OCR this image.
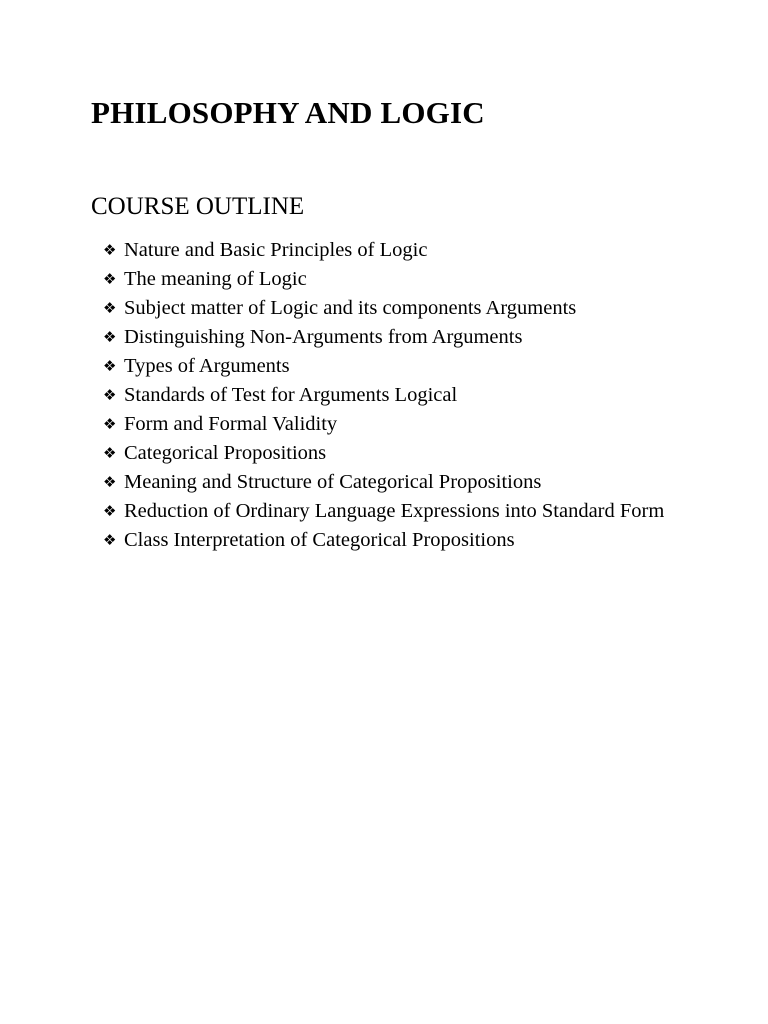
PHILOSOPHY AND LOGIC
COURSE OUTLINE
❖ Nature and Basic Principles of Logic
❖ The meaning of Logic
❖ Subject matter of Logic and its components Arguments
❖ Distinguishing Non-Arguments from Arguments
❖ Types of Arguments
❖ Standards of Test for Arguments Logical
❖ Form and Formal Validity
❖ Categorical Propositions
❖ Meaning and Structure of Categorical Propositions
❖ Reduction of Ordinary Language Expressions into Standard Form
❖ Class Interpretation of Categorical Propositions
